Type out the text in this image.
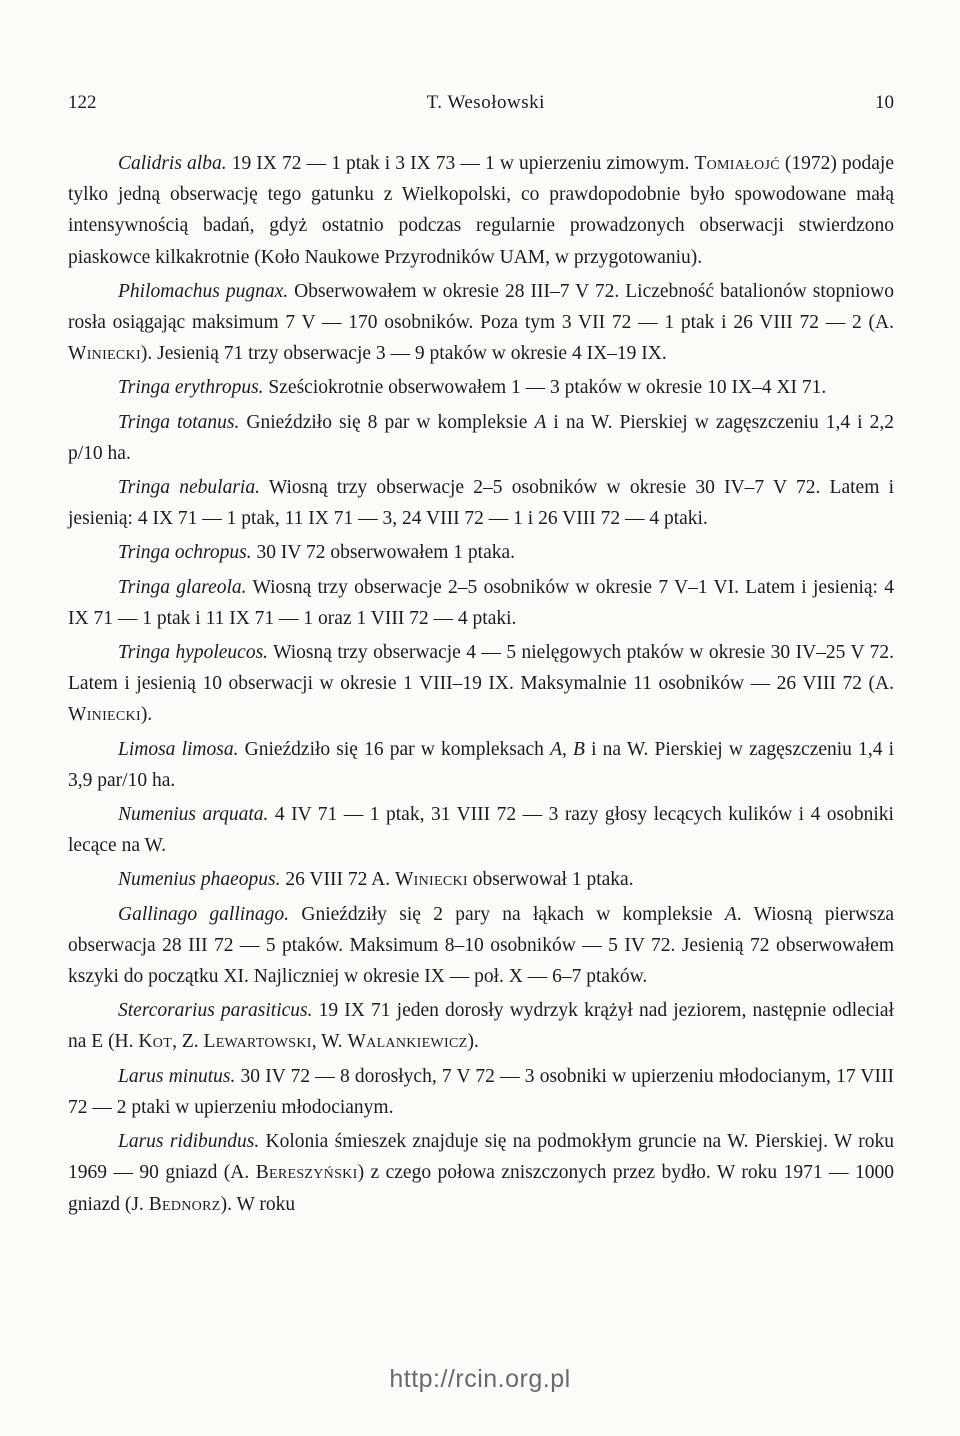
122	T. Wesołowski	10

Calidris alba. 19 IX 72 — 1 ptak i 3 IX 73 — 1 w upierzeniu zimowym. Tomiałojć (1972) podaje tylko jedną obserwację tego gatunku z Wielkopolski, co prawdopodobnie było spowodowane małą intensywnością badań, gdyż ostatnio podczas regularnie prowadzonych obserwacji stwierdzono piaskowce kilkakrotnie (Koło Naukowe Przyrodników UAM, w przygotowaniu).

Philomachus pugnax. Obserwowałem w okresie 28 III–7 V 72. Liczebność batalionów stopniowo rosła osiągając maksimum 7 V — 170 osobników. Poza tym 3 VII 72 — 1 ptak i 26 VIII 72 — 2 (A. Winiecki). Jesienią 71 trzy obserwacje 3 — 9 ptaków w okresie 4 IX–19 IX.

Tringa erythropus. Sześciokrotnie obserwowałem 1 — 3 ptaków w okresie 10 IX–4 XI 71.

Tringa totanus. Gnieździło się 8 par w kompleksie A i na W. Pierskiej w zagęszczeniu 1,4 i 2,2 p/10 ha.

Tringa nebularia. Wiosną trzy obserwacje 2–5 osobników w okresie 30 IV–7 V 72. Latem i jesienią: 4 IX 71 — 1 ptak, 11 IX 71 — 3, 24 VIII 72 — 1 i 26 VIII 72 — 4 ptaki.

Tringa ochropus. 30 IV 72 obserwowałem 1 ptaka.

Tringa glareola. Wiosną trzy obserwacje 2–5 osobników w okresie 7 V–1 VI. Latem i jesienią: 4 IX 71 — 1 ptak i 11 IX 71 — 1 oraz 1 VIII 72 — 4 ptaki.

Tringa hypoleucos. Wiosną trzy obserwacje 4 — 5 nielęgowych ptaków w okresie 30 IV–25 V 72. Latem i jesienią 10 obserwacji w okresie 1 VIII–19 IX. Maksymalnie 11 osobników — 26 VIII 72 (A. Winiecki).

Limosa limosa. Gnieździło się 16 par w kompleksach A, B i na W. Pierskiej w zagęszczeniu 1,4 i 3,9 par/10 ha.

Numenius arquata. 4 IV 71 — 1 ptak, 31 VIII 72 — 3 razy głosy lecących kulików i 4 osobniki lecące na W.

Numenius phaeopus. 26 VIII 72 A. Winiecki obserwował 1 ptaka.

Gallinago gallinago. Gnieździły się 2 pary na łąkach w kompleksie A. Wiosną pierwsza obserwacja 28 III 72 — 5 ptaków. Maksimum 8–10 osobników — 5 IV 72. Jesienią 72 obserwowałem kszyki do początku XI. Najliczniej w okresie IX — poł. X — 6–7 ptaków.

Stercorarius parasiticus. 19 IX 71 jeden dorosły wydrzyk krążył nad jeziorem, następnie odleciał na E (H. Kot, Z. Lewartowski, W. Walankiewicz).

Larus minutus. 30 IV 72 — 8 dorosłych, 7 V 72 — 3 osobniki w upierzeniu młodocianym, 17 VIII 72 — 2 ptaki w upierzeniu młodocianym.

Larus ridibundus. Kolonia śmieszek znajduje się na podmokłym gruncie na W. Pierskiej. W roku 1969 — 90 gniazd (A. Bereszyński) z czego połowa zniszczonych przez bydło. W roku 1971 — 1000 gniazd (J. Bednorz). W roku

http://rcin.org.pl
